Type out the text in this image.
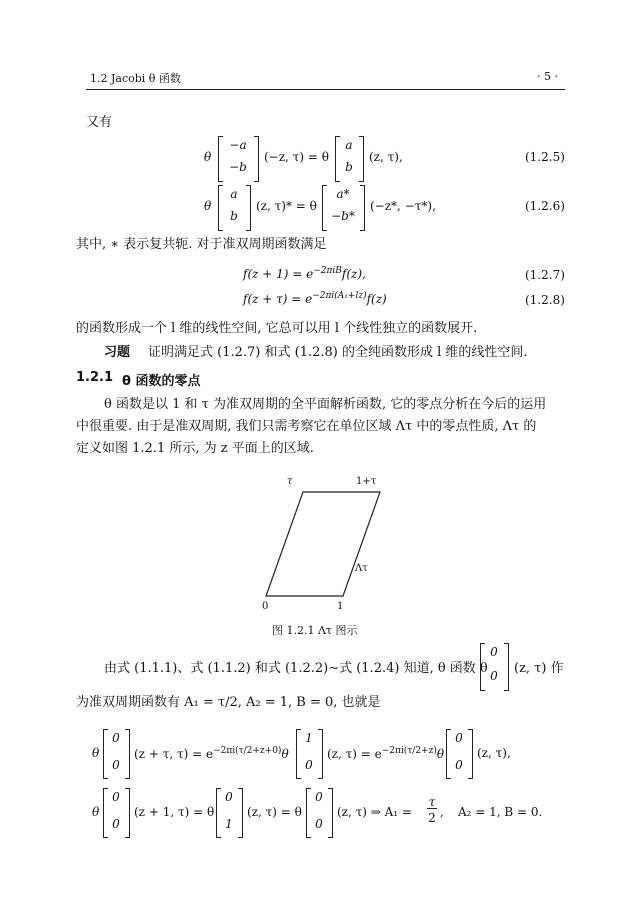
1.2 Jacobi θ 函数	· 5 ·
又有
θ
−a
−b
(−z, τ) = θ
a
b
(z, τ),	(1.2.5)
θ
a
b
(z, τ)* = θ
a*
−b*
(−z*, −τ*),	(1.2.6)
其中, ∗ 表示复共轭. 对于准双周期函数满足
$f(z + 1) = e^{-2\pi iB}f(z)$,	(1.2.7)
$f(z + \tau) = e^{-2\pi i(A_1+lz)}f(z)$	(1.2.8)
的函数形成一个 l 维的线性空间, 它总可以用 l 个线性独立的函数展开.
习题 证明满足式 (1.2.7) 和式 (1.2.8) 的全纯函数形成 l 维的线性空间.
1.2.1 θ 函数的零点
θ 函数是以 1 和 τ 为准双周期的全平面解析函数, 它的零点分析在今后的运用
中很重要. 由于是准双周期, 我们只需考察它在单位区域 Λτ 中的零点性质, Λτ 的
定义如图 1.2.1 所示, 为 z 平面上的区域.
τ	1+τ
0	1
Λτ
图 1.2.1 Λτ 图示
由式 (1.1.1)、式 (1.1.2) 和式 (1.2.2)∼式 (1.2.4) 知道, θ 函数 θ
0
0	(z, τ) 作
为准双周期函数有 A₁ = τ/2, A₂ = 1, B = 0, 也就是
θ
0
0
(z + τ, $\tau) = e^{-2\pi i(\tau/2+z+0)}\theta$
1
0
(z, $\tau) = e^{-2\pi i(\tau/2+z)}\theta$
0
0
(z, τ),
θ
0
0
(z + 1, τ) = θ
0
1
(z, τ) = θ
0
0
(z, τ) ⇒ A₁ =
τ
2 , A₂ = 1, B = 0.
